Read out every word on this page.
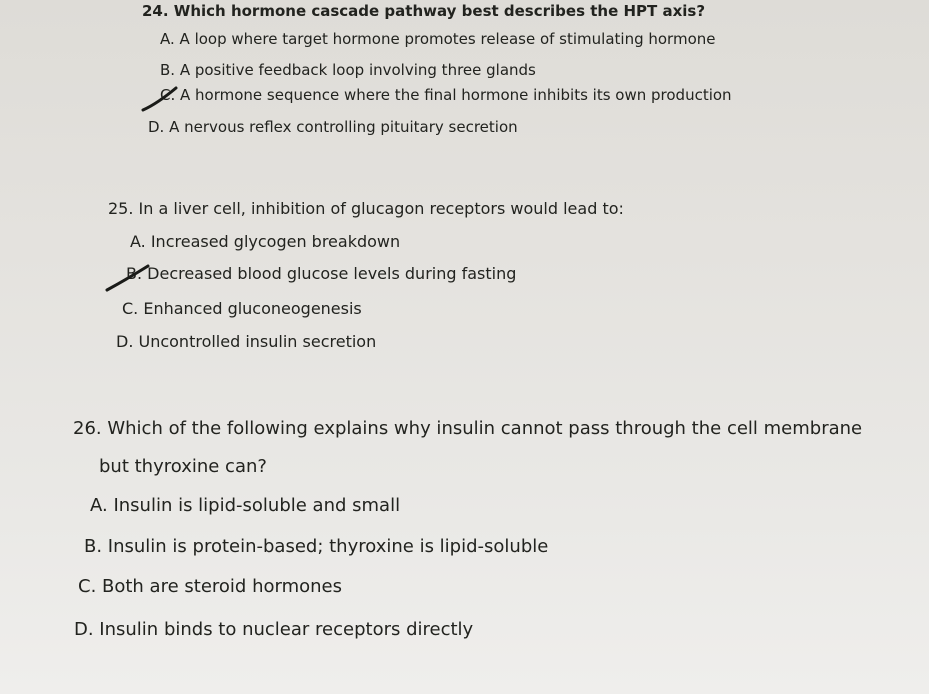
24. Which hormone cascade pathway best describes the HPT axis?
A. A loop where target hormone promotes release of stimulating hormone
B. A positive feedback loop involving three glands
C. A hormone sequence where the final hormone inhibits its own production
D. A nervous reflex controlling pituitary secretion
25. In a liver cell, inhibition of glucagon receptors would lead to:
A. Increased glycogen breakdown
B. Decreased blood glucose levels during fasting
C. Enhanced gluconeogenesis
D. Uncontrolled insulin secretion
26. Which of the following explains why insulin cannot pass through the cell membrane
but thyroxine can?
A. Insulin is lipid-soluble and small
B. Insulin is protein-based; thyroxine is lipid-soluble
C. Both are steroid hormones
D. Insulin binds to nuclear receptors directly
